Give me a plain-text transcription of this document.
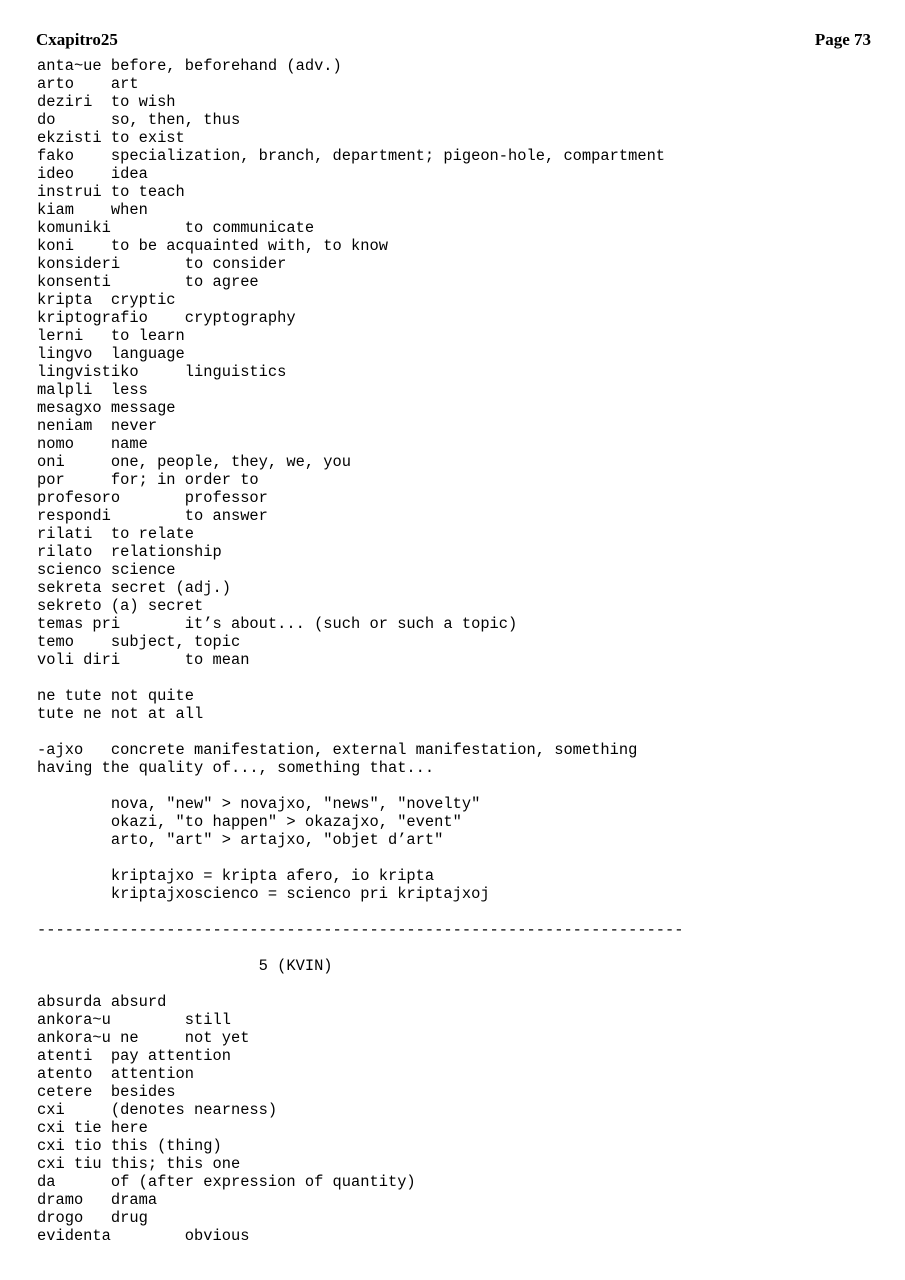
Cxapitro25	Page 73
anta~ue before, beforehand (adv.)
arto    art
deziri  to wish
do      so, then, thus
ekzisti to exist
fako    specialization, branch, department; pigeon-hole, compartment
ideo    idea
instrui to teach
kiam    when
komuniki        to communicate
koni    to be acquainted with, to know
konsideri       to consider
konsenti        to agree
kripta  cryptic
kriptografio    cryptography
lerni   to learn
lingvo  language
lingvistiko     linguistics
malpli  less
mesagxo message
neniam  never
nomo    name
oni     one, people, they, we, you
por     for; in order to
profesoro       professor
respondi        to answer
rilati  to relate
rilato  relationship
scienco science
sekreta secret (adj.)
sekreto (a) secret
temas pri       it’s about... (such or such a topic)
temo    subject, topic
voli diri       to mean
ne tute not quite
tute ne not at all
-ajxo   concrete manifestation, external manifestation, something
having the quality of..., something that...
nova, "new" > novajxo, "news", "novelty"
okazi, "to happen" > okazajxo, "event"
arto, "art" > artajxo, "objet d’art"
kriptajxo = kripta afero, io kripta
kriptajxoscienco = scienco pri kriptajxoj
----------------------------------------------------------------------
5 (KVIN)
absurda absurd
ankora~u        still
ankora~u ne     not yet
atenti  pay attention
atento  attention
cetere  besides
cxi     (denotes nearness)
cxi tie here
cxi tio this (thing)
cxi tiu this; this one
da      of (after expression of quantity)
dramo   drama
drogo   drug
evidenta        obvious
